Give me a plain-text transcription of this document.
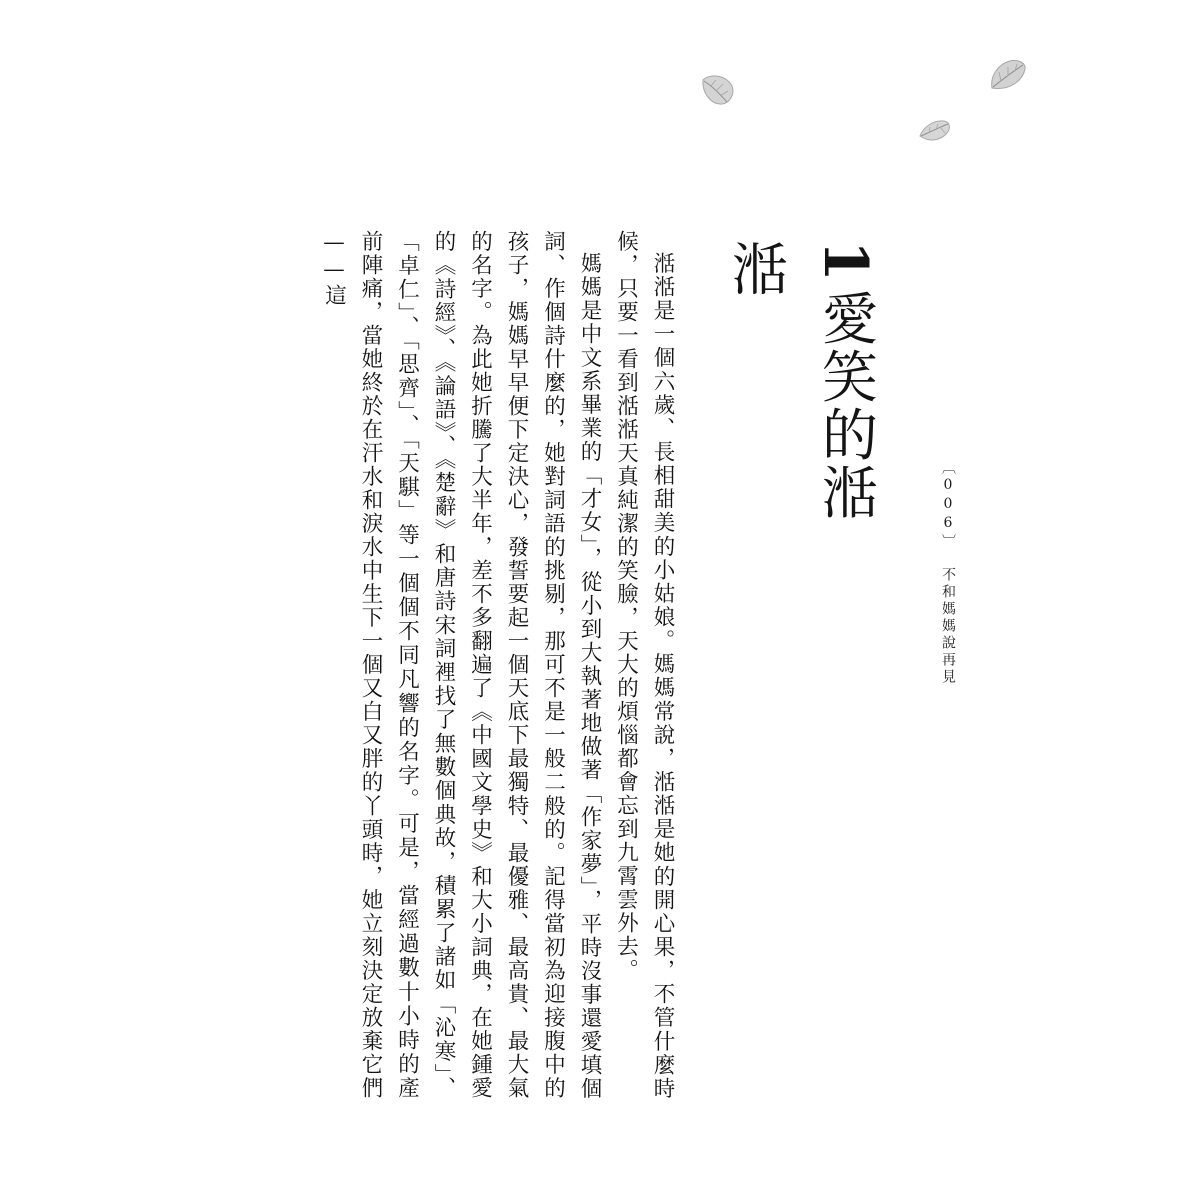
1愛笑的湉湉
〔006〕不和媽媽說再見

湉湉是一個六歲、長相甜美的小姑娘。媽媽常說，湉湉是她的開心果，不管什麼時候，只要一看到湉湉天真純潔的笑臉，天大的煩惱都會忘到九霄雲外去。

媽媽是中文系畢業的「才女」，從小到大執著地做著「作家夢」，平時沒事還愛填個詞、作個詩什麼的，她對詞語的挑剔，那可不是一般二般的。記得當初為迎接腹中的孩子，媽媽早早便下定決心，發誓要起一個天底下最獨特、最優雅、最高貴、最大氣的名字。為此她折騰了大半年，差不多翻遍了《中國文學史》和大小詞典，在她鍾愛的《詩經》、《論語》、《楚辭》和唐詩宋詞裡找了無數個典故，積累了諸如「沁寒」、「卓仁」、「思齊」、「天騏」等一個個不同凡響的名字。可是，當經過數十小時的產前陣痛，當她終於在汗水和淚水中生下一個又白又胖的丫頭時，她立刻決定放棄它們——這
